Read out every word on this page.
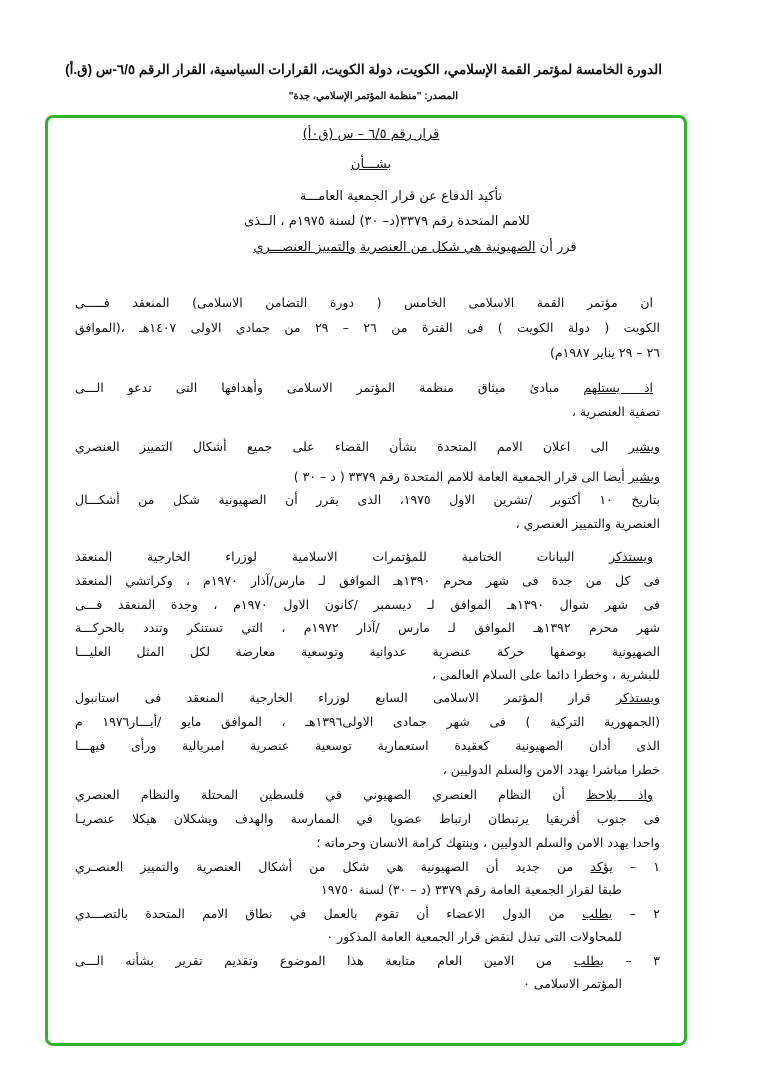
الدورة الخامسة لمؤتمر القمة الإسلامي، الكويت، دولة الكويت، القرارات السياسية، القرار الرقم ٦/٥-س (ق.أ)
المصدر: "منظمة المؤتمر الإسلامي، جدة"
قرار رقم ٦/٥ – س (ق٠أ)
بشـــأن
تأكيد الدفاع عن قرار الجمعية العامـــة
للامم المتحدة رقم ٣٣٧٩(د– ٣٠) لسنة ١٩٧٥م ، الــذى
قرر أن الصهيونية هي شكل من العنصرية والتمييز العنصـــري
ان مؤتمر القمة الاسلامى الخامس ( دورة التضامن الاسلامى) المنعقد فـــــى
الكويت ( دولة الكويت ) فى الفترة من ٢٦ – ٢٩ من جمادي الاولى ١٤٠٧هـ ،(الموافق
٢٦ – ٢٩ يناير ١٩٨٧م)
اذ يستلهم مبادئ ميثاق منظمة المؤتمر الاسلامى وأهدافها التى تدعو الـــى
تصفية العنصرية ،
ويشير الى اعلان الامم المتحدة بشأن القضاء على جميع أشكال التمييز العنصري
ويشير أيضا الى قرار الجمعية العامة للامم المتحدة رقم ٣٣٧٩ ( د – ٣٠ )
بتاريخ ١٠ أكتوبر /تشرين الاول ١٩٧٥، الذى يقرر أن الصهيونية شكل من أشكـــال
العنصرية والتمييز العنصري ،
ويستذكر البيانات الختامية للمؤتمرات الاسلامية لوزراء الخارجية المنعقد
فى كل من جدة فى شهر محرم ١٣٩٠هـ الموافق لـ مارس/آذار ١٩٧٠م ، وكراتشي المنعقد
فى شهر شوال ١٣٩٠هـ الموافق لـ ديسمبر /كانون الاول ١٩٧٠م ، وجدة المنعقد فـــى
شهر محرم ١٣٩٢هـ الموافق لـ مارس /آذار ١٩٧٢م ، التي تستنكر وتندد بالحركـــة
الصهيونية بوصفها حركة عنصرية عدوانية وتوسعية معارضة لكل المثل العليـــا
للبشرية ، وخطرا دائما على السلام العالمى ،
ويستذكر قرار المؤتمر الاسلامى السابع لوزراء الخارجية المنعقد فى استانبول
(الجمهورية التركية ) فى شهر جمادى الاولى١٣٩٦هـ ، الموافق مايو /أيـــار١٩٧٦ م
الذى أدان الصهيونية كعقيدة استعمارية توسعية عنصرية امبريالية ورأى فيهـــا
خطرا مباشرا يهدد الامن والسلم الدوليين ،
واذ يلاحظ أن النظام العنصري الصهيوني في فلسطين المحتلة والنظام العنصري
فى جنوب أفريقيا يرتبطان ارتباط عضويا في الممارسة والهدف ويشكلان هيكلا عنصريـا
واحدا يهدد الامن والسلم الدوليين ، وينتهك كرامة الانسان وحرماته ؛
١ – يؤكد من جديد أن الصهيونية هي شكل من أشكال العنصرية والتمييز العنصـري
طبقا لقرار الجمعية العامة رقم ٣٣٧٩ (د – ٣٠) لسنة ١٩٧٥٠
٢ – يطلب من الدول الاعضاء أن تقوم بالعمل في نطاق الامم المتحدة بالتصـــدي
للمحاولات التى تبذل لنقض قرار الجمعية العامة المذكور ٠
٣ – يطلب من الامين العام متابعة هذا الموضوع وتقديم تقرير بشأنه الـــى
المؤتمر الاسلامى ٠
